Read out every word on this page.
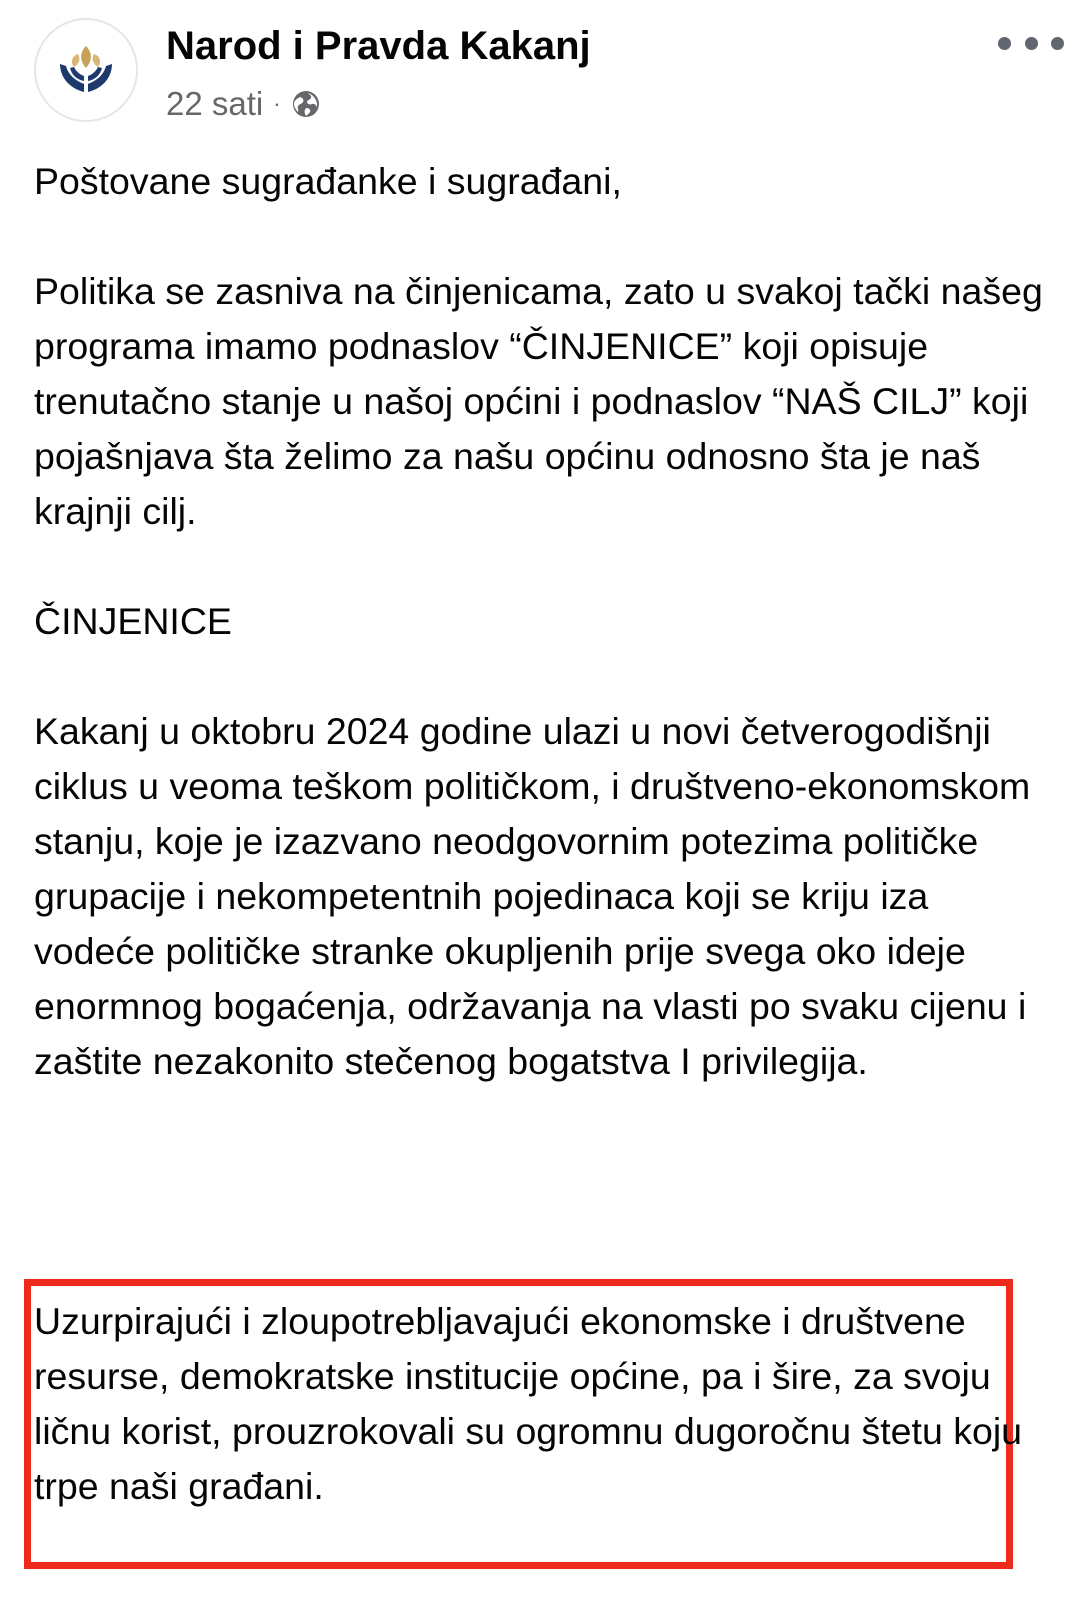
Narod i Pravda Kakanj
22 sati ·

Poštovane sugrađanke i sugrađani,

Politika se zasniva na činjenicama, zato u svakoj tački našeg programa imamo podnaslov “ČINJENICE” koji opisuje trenutačno stanje u našoj općini i podnaslov “NAŠ CILJ” koji pojašnjava šta želimo za našu općinu odnosno šta je naš krajnji cilj.

ČINJENICE

Kakanj u oktobru 2024 godine ulazi u novi četverogodišnji ciklus u veoma teškom političkom, i društveno-ekonomskom stanju, koje je izazvano neodgovornim potezima političke grupacije i nekompetentnih pojedinaca koji se kriju iza vodeće političke stranke okupljenih prije svega oko ideje enormnog bogaćenja, održavanja na vlasti po svaku cijenu i zaštite nezakonito stečenog bogatstva I privilegija.

Uzurpirajući i zloupotrebljavajući ekonomske i društvene resurse, demokratske institucije općine, pa i šire, za svoju ličnu korist, prouzrokovali su ogromnu dugoročnu štetu koju trpe naši građani.
